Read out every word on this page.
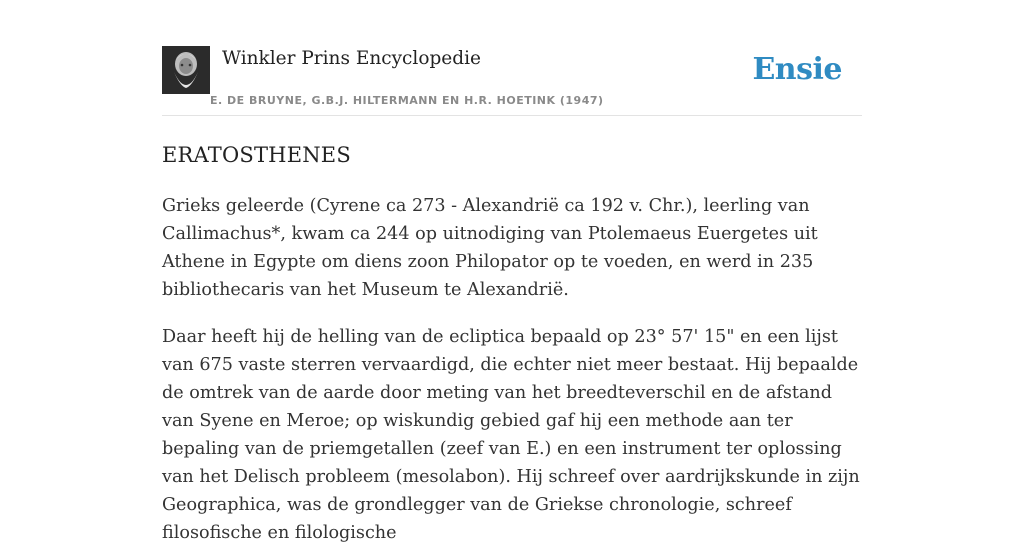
Winkler Prins Encyclopedie
E. DE BRUYNE, G.B.J. HILTERMANN EN H.R. HOETINK (1947)
Ensie
ERATOSTHENES

Grieks geleerde (Cyrene ca 273 - Alexandrië ca 192 v. Chr.), leerling van Callimachus*, kwam ca 244 op uitnodiging van Ptolemaeus Euergetes uit Athene in Egypte om diens zoon Philopator op te voeden, en werd in 235 bibliothecaris van het Museum te Alexandrië.

Daar heeft hij de helling van de ecliptica bepaald op 23° 57' 15" en een lijst van 675 vaste sterren vervaardigd, die echter niet meer bestaat. Hij bepaalde de omtrek van de aarde door meting van het breedteverschil en de afstand van Syene en Meroe; op wiskundig gebied gaf hij een methode aan ter bepaling van de priemgetallen (zeef van E.) en een instrument ter oplossing van het Delisch probleem (mesolabon). Hij schreef over aardrijkskunde in zijn Geographica, was de grondlegger van de Griekse chronologie, schreef filosofische en filologische
